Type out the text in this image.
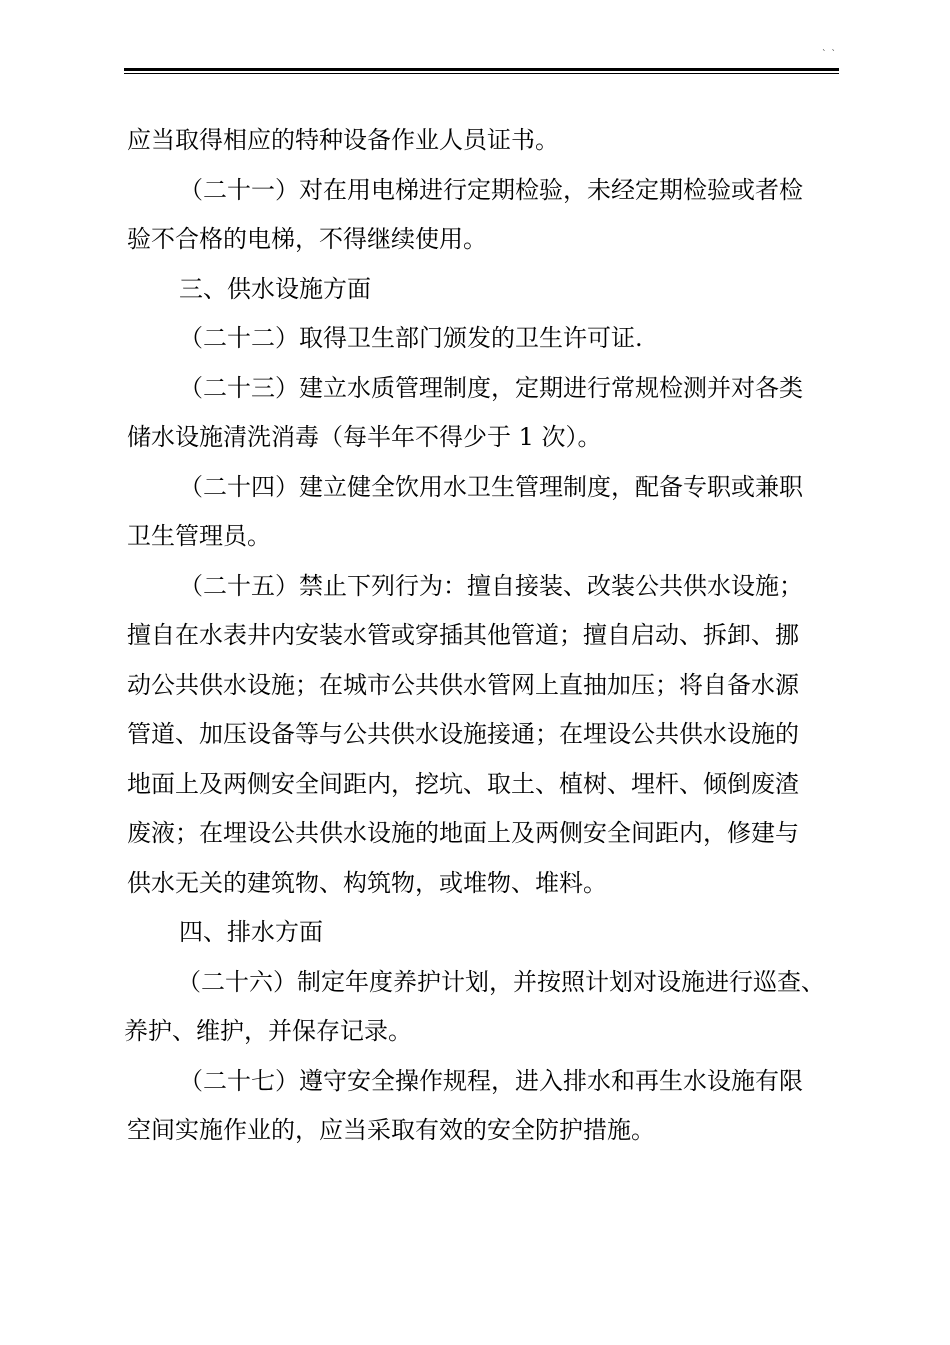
` `
应当取得相应的特种设备作业人员证书。
（二十一）对在用电梯进行定期检验，未经定期检验或者检
验不合格的电梯，不得继续使用。
三、供水设施方面
（二十二）取得卫生部门颁发的卫生许可证.
（二十三）建立水质管理制度，定期进行常规检测并对各类
储水设施清洗消毒（每半年不得少于 1 次）。
（二十四）建立健全饮用水卫生管理制度，配备专职或兼职
卫生管理员。
（二十五）禁止下列行为：擅自接装、改装公共供水设施；
擅自在水表井内安装水管或穿插其他管道；擅自启动、拆卸、挪
动公共供水设施；在城市公共供水管网上直抽加压；将自备水源
管道、加压设备等与公共供水设施接通；在埋设公共供水设施的
地面上及两侧安全间距内，挖坑、取土、植树、埋杆、倾倒废渣
废液；在埋设公共供水设施的地面上及两侧安全间距内，修建与
供水无关的建筑物、构筑物，或堆物、堆料。
四、排水方面
（二十六）制定年度养护计划，并按照计划对设施进行巡查、
养护、维护，并保存记录。
（二十七）遵守安全操作规程，进入排水和再生水设施有限
空间实施作业的，应当采取有效的安全防护措施。
